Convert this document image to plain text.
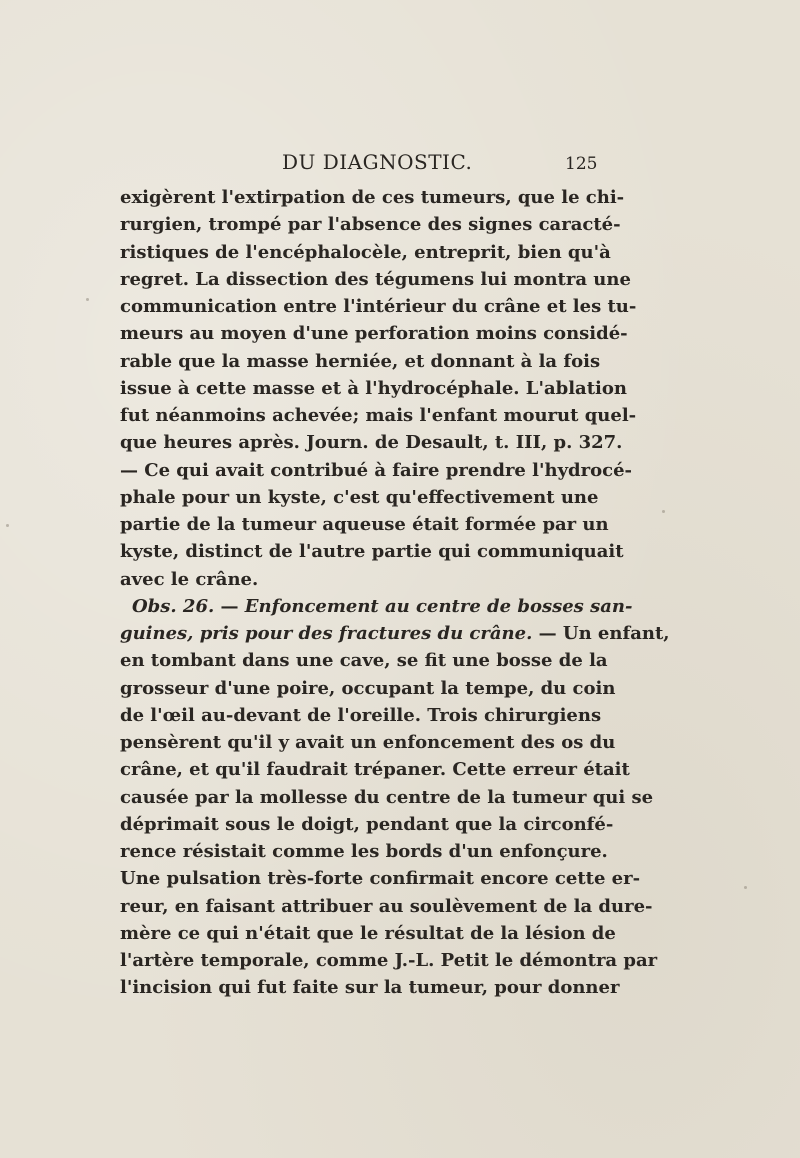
DU DIAGNOSTIC.	125
exigèrent l'extirpation de ces tumeurs, que le chi-
rurgien, trompé par l'absence des signes caracté-
ristiques de l'encéphalocèle, entreprit, bien qu'à
regret. La dissection des tégumens lui montra une
communication entre l'intérieur du crâne et les tu-
meurs au moyen d'une perforation moins considé-
rable que la masse herniée, et donnant à la fois
issue à cette masse et à l'hydrocéphale. L'ablation
fut néanmoins achevée; mais l'enfant mourut quel-
que heures après. Journ. de Desault, t. III, p. 327.
— Ce qui avait contribué à faire prendre l'hydrocé-
phale pour un kyste, c'est qu'effectivement une
partie de la tumeur aqueuse était formée par un
kyste, distinct de l'autre partie qui communiquait
avec le crâne.
Obs. 26. — Enfoncement au centre de bosses san-
guines, pris pour des fractures du crâne. — Un enfant,
en tombant dans une cave, se fit une bosse de la
grosseur d'une poire, occupant la tempe, du coin
de l'œil au-devant de l'oreille. Trois chirurgiens
pensèrent qu'il y avait un enfoncement des os du
crâne, et qu'il faudrait trépaner. Cette erreur était
causée par la mollesse du centre de la tumeur qui se
déprimait sous le doigt, pendant que la circonfé-
rence résistait comme les bords d'un enfonçure.
Une pulsation très-forte confirmait encore cette er-
reur, en faisant attribuer au soulèvement de la dure-
mère ce qui n'était que le résultat de la lésion de
l'artère temporale, comme J.-L. Petit le démontra par
l'incision qui fut faite sur la tumeur, pour donner
